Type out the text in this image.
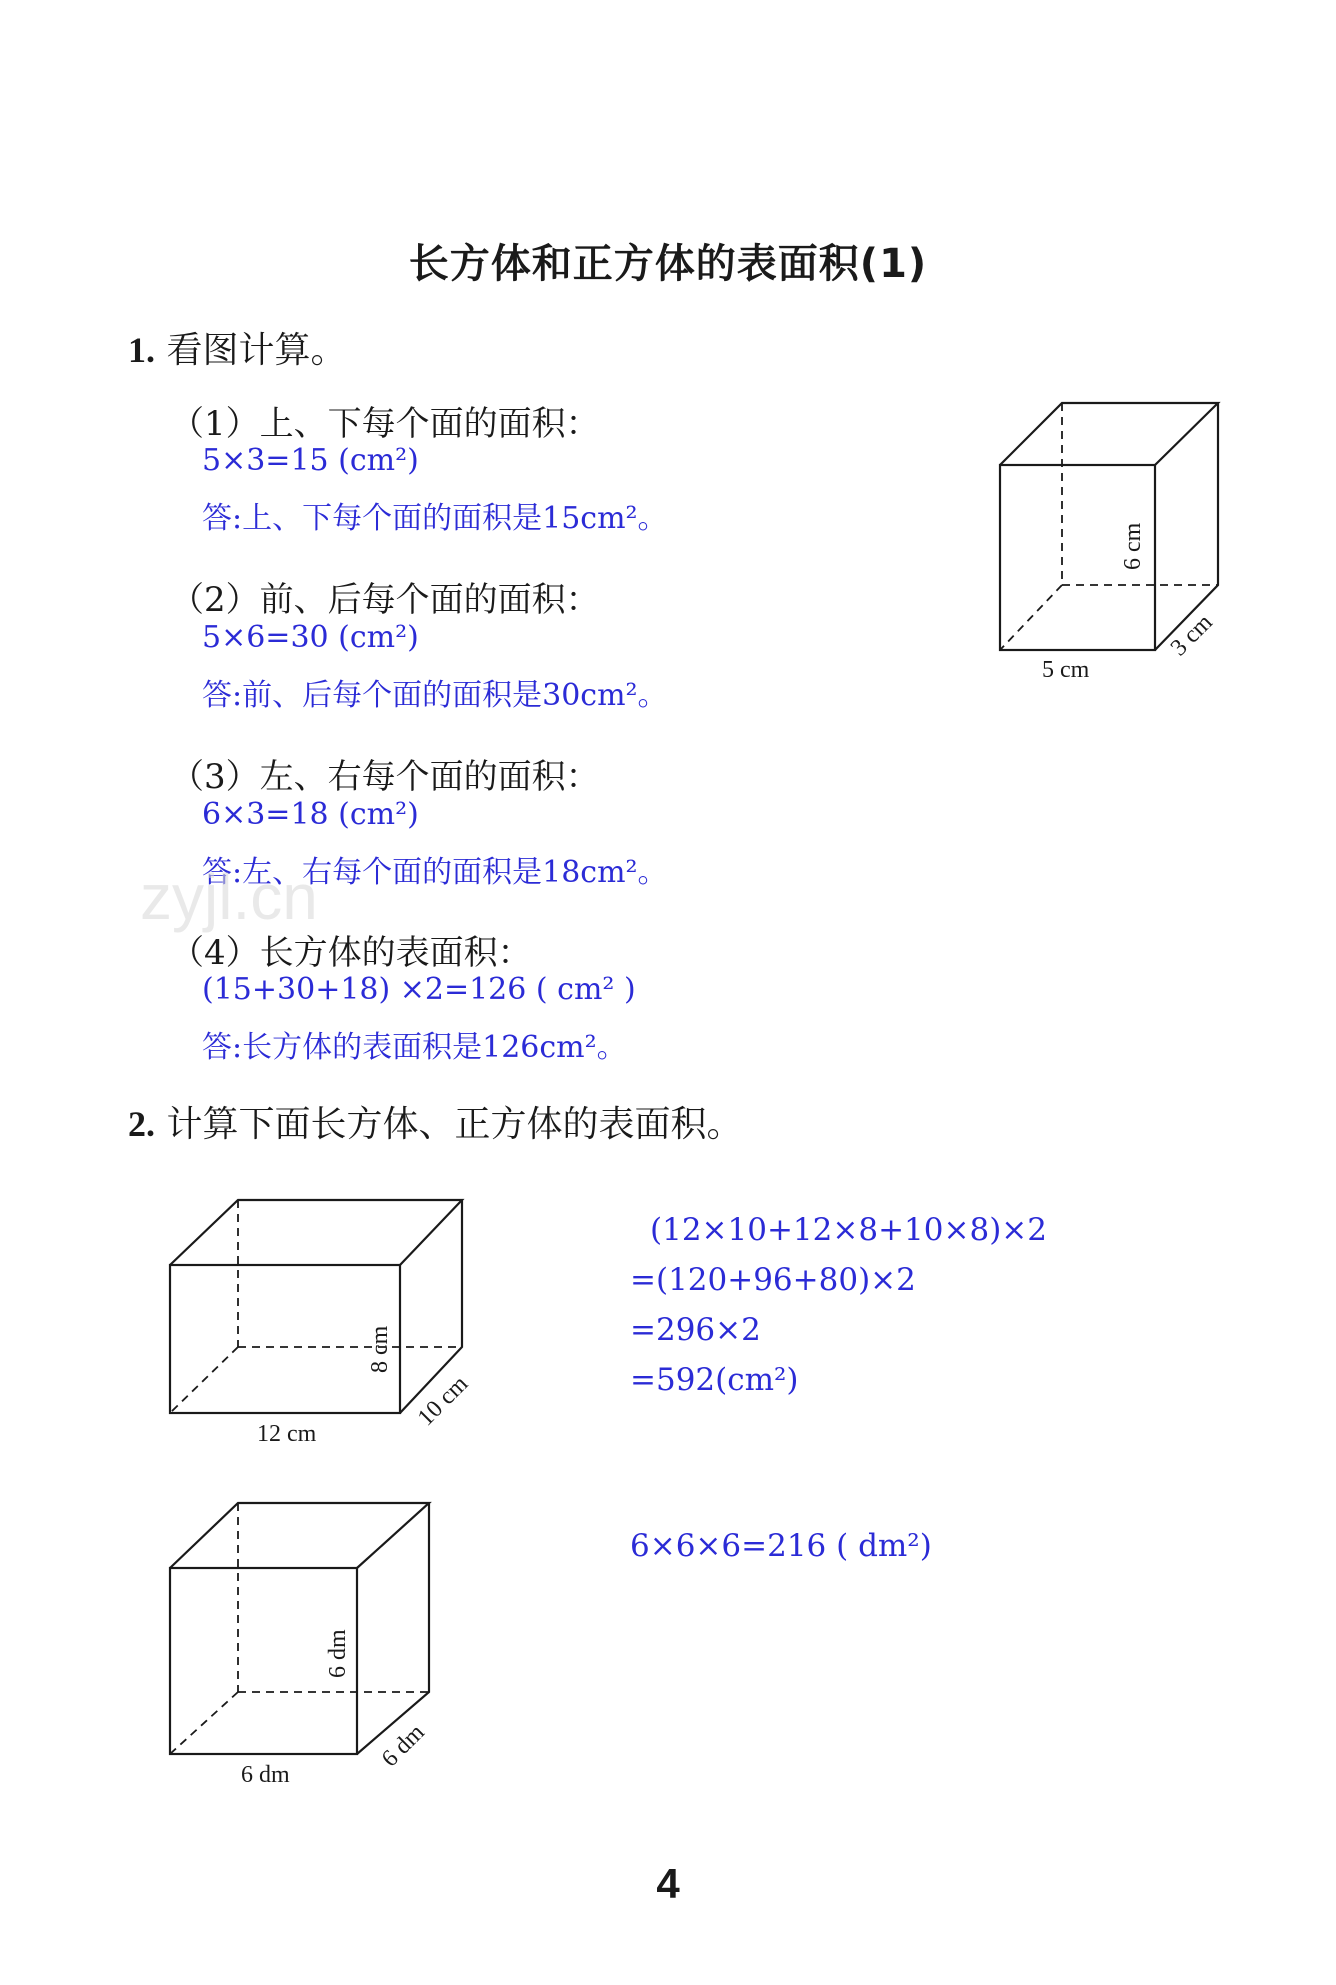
长方体和正方体的表面积(1)
1. 看图计算。
（1）上、下每个面的面积：
5×3=15 (cm²)
答:上、下每个面的面积是15cm²。
（2）前、后每个面的面积：
5×6=30 (cm²)
答:前、后每个面的面积是30cm²。
（3）左、右每个面的面积：
6×3=18 (cm²)
答:左、右每个面的面积是18cm²。
（4）长方体的表面积：
(15+30+18) ×2=126 ( cm² )
答:长方体的表面积是126cm²。
zyjl.cn
5 cm
6 cm
3 cm
2. 计算下面长方体、正方体的表面积。
12 cm
8 cm
10 cm
(12×10+12×8+10×8)×2
=(120+96+80)×2
=296×2
=592(cm²)
6 dm
6 dm
6 dm
6×6×6=216 ( dm²)
4
